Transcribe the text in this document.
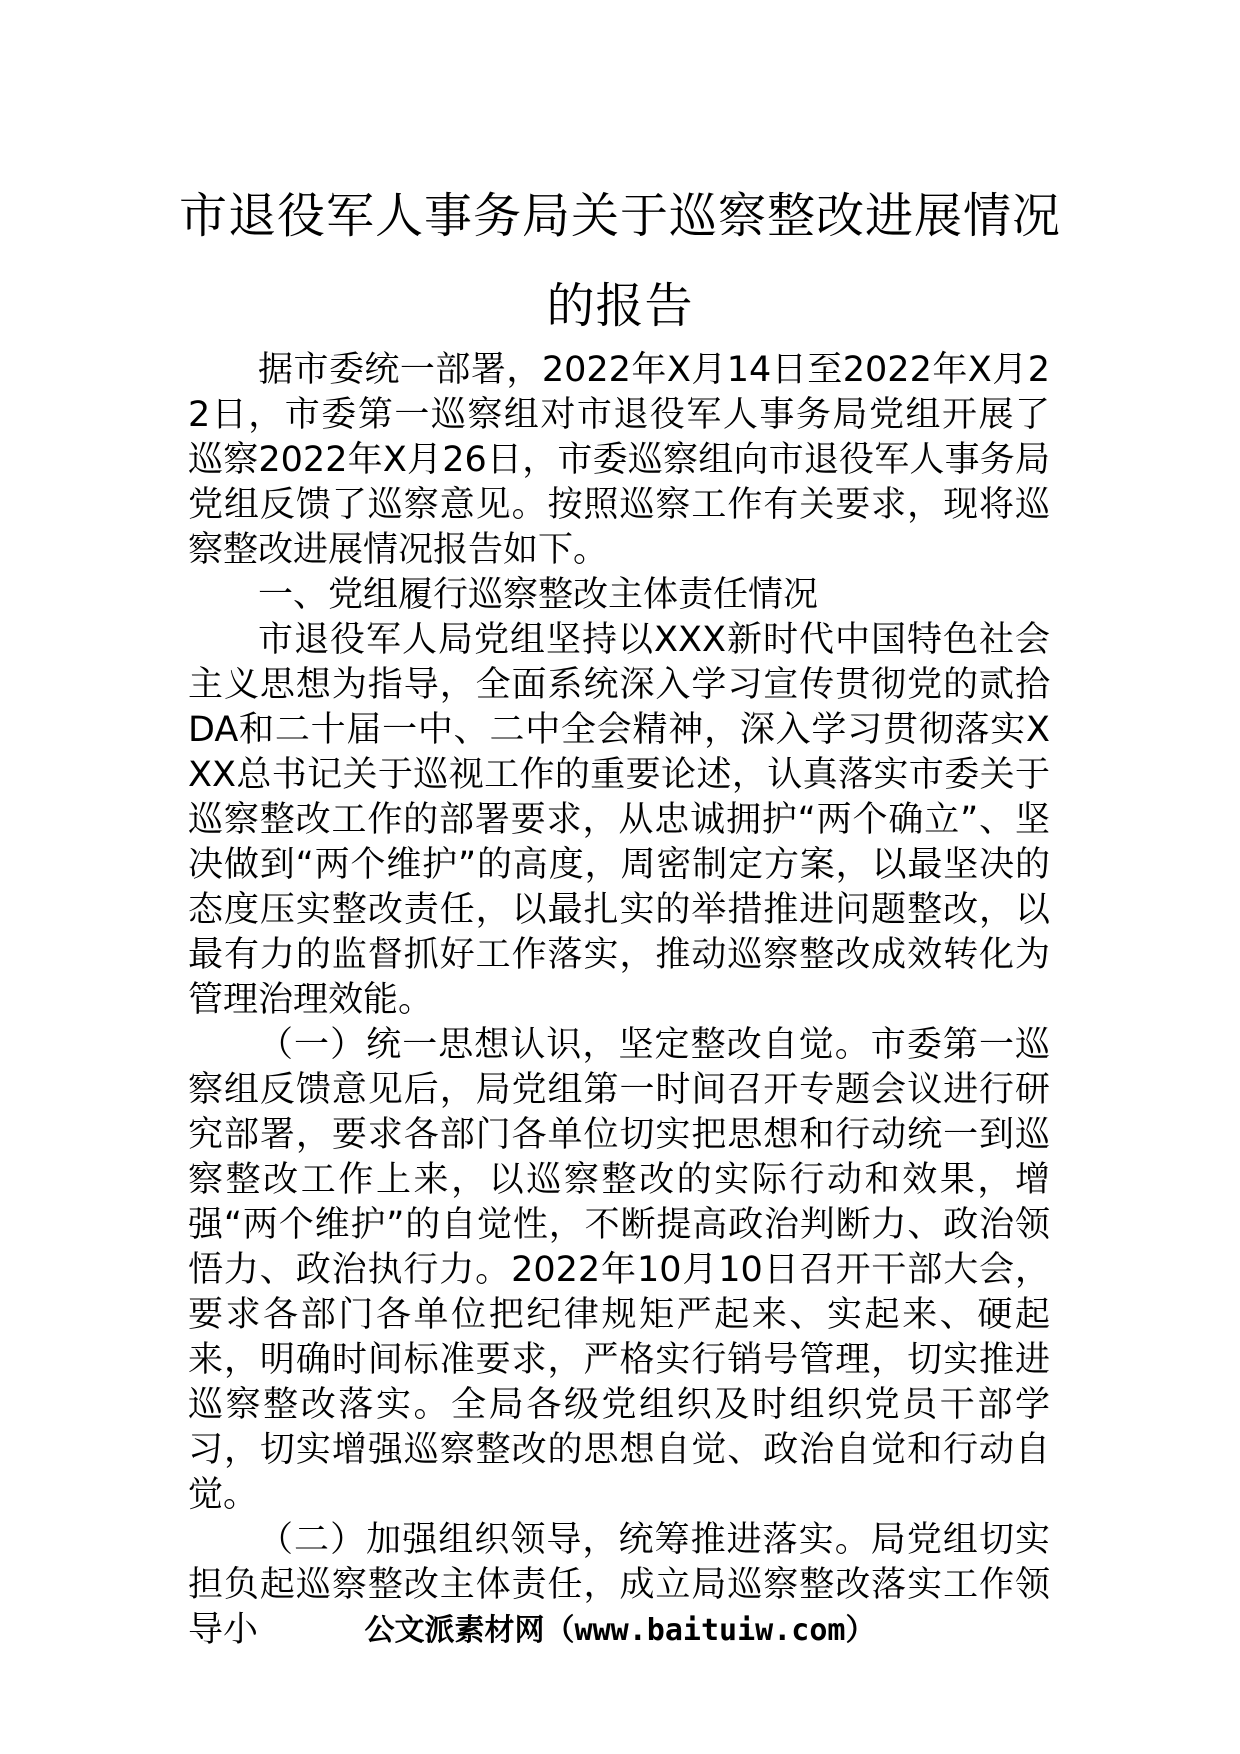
市退役军人事务局关于巡察整改进展情况
的报告

据市委统一部署，2022年X月14日至2022年X月22日，市委第一巡察组对市退役军人事务局党组开展了巡察2022年X月26日，市委巡察组向市退役军人事务局党组反馈了巡察意见。按照巡察工作有关要求，现将巡察整改进展情况报告如下。

一、党组履行巡察整改主体责任情况

市退役军人局党组坚持以XXX新时代中国特色社会主义思想为指导，全面系统深入学习宣传贯彻党的贰拾DA和二十届一中、二中全会精神，深入学习贯彻落实XXX总书记关于巡视工作的重要论述，认真落实市委关于巡察整改工作的部署要求，从忠诚拥护“两个确立”、坚决做到“两个维护”的高度，周密制定方案，以最坚决的态度压实整改责任，以最扎实的举措推进问题整改，以最有力的监督抓好工作落实，推动巡察整改成效转化为管理治理效能。

（一）统一思想认识，坚定整改自觉。市委第一巡察组反馈意见后，局党组第一时间召开专题会议进行研究部署，要求各部门各单位切实把思想和行动统一到巡察整改工作上来，以巡察整改的实际行动和效果，增强“两个维护”的自觉性，不断提高政治判断力、政治领悟力、政治执行力。2022年10月10日召开干部大会，要求各部门各单位把纪律规矩严起来、实起来、硬起来，明确时间标准要求，严格实行销号管理，切实推进巡察整改落实。全局各级党组织及时组织党员干部学习，切实增强巡察整改的思想自觉、政治自觉和行动自觉。

（二）加强组织领导，统筹推进落实。局党组切实担负起巡察整改主体责任，成立局巡察整改落实工作领导小	公文派素材网（www.baituiw.com）
